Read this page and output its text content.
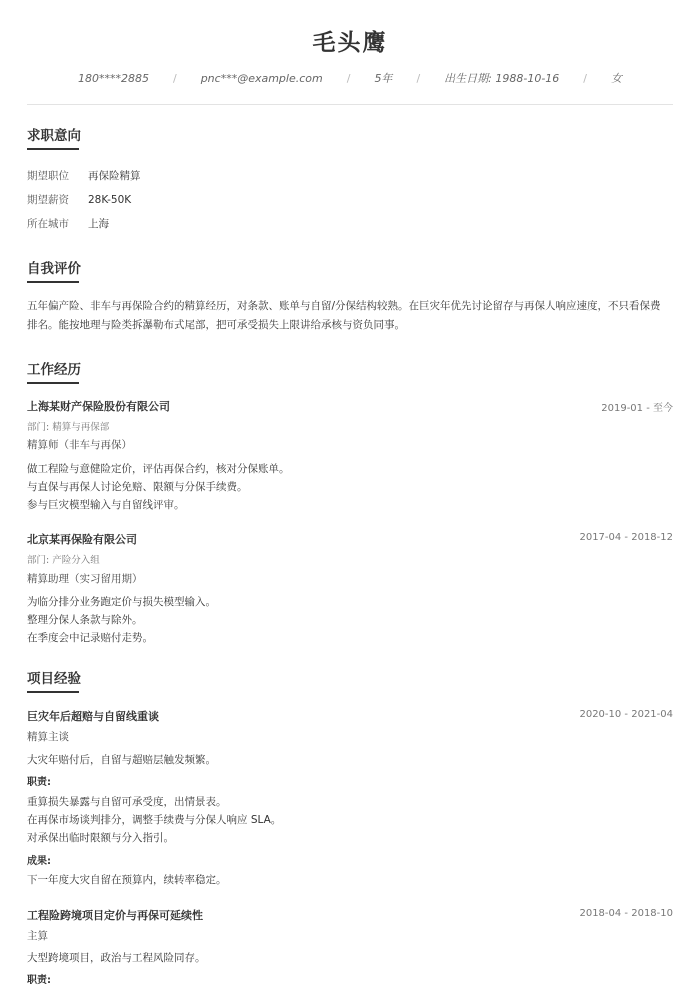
毛头鹰
180****2885 / pnc***@example.com / 5年 / 出生日期: 1988-10-16 / 女
求职意向
期望职位 再保险精算
期望薪资 28K-50K
所在城市 上海
自我评价
五年偏产险、非车与再保险合约的精算经历，对条款、账单与自留/分保结构较熟。在巨灾年优先讨论留存与再保人响应速度，不只看保费
排名。能按地理与险类拆瀑勒布式尾部，把可承受损失上限讲给承核与资负同事。
工作经历
上海某财产保险股份有限公司	2019-01 - 至今
部门: 精算与再保部
精算师（非车与再保）
做工程险与意健险定价，评估再保合约，核对分保账单。
与直保与再保人讨论免赔、限额与分保手续费。
参与巨灾模型输入与自留线评审。
北京某再保险有限公司	2017-04 - 2018-12
部门: 产险分入组
精算助理（实习留用期）
为临分排分业务跑定价与损失模型输入。
整理分保人条款与除外。
在季度会中记录赔付走势。
项目经验
巨灾年后超赔与自留线重谈	2020-10 - 2021-04
精算主谈
大灾年赔付后，自留与超赔层触发频繁。
职责:
重算损失暴露与自留可承受度，出情景表。
在再保市场谈判排分，调整手续费与分保人响应 SLA。
对承保出临时限额与分入指引。
成果:
下一年度大灾自留在预算内，续转率稳定。
工程险跨境项目定价与再保可延续性	2018-04 - 2018-10
主算
大型跨境项目，政治与工程风险同存。
职责:
